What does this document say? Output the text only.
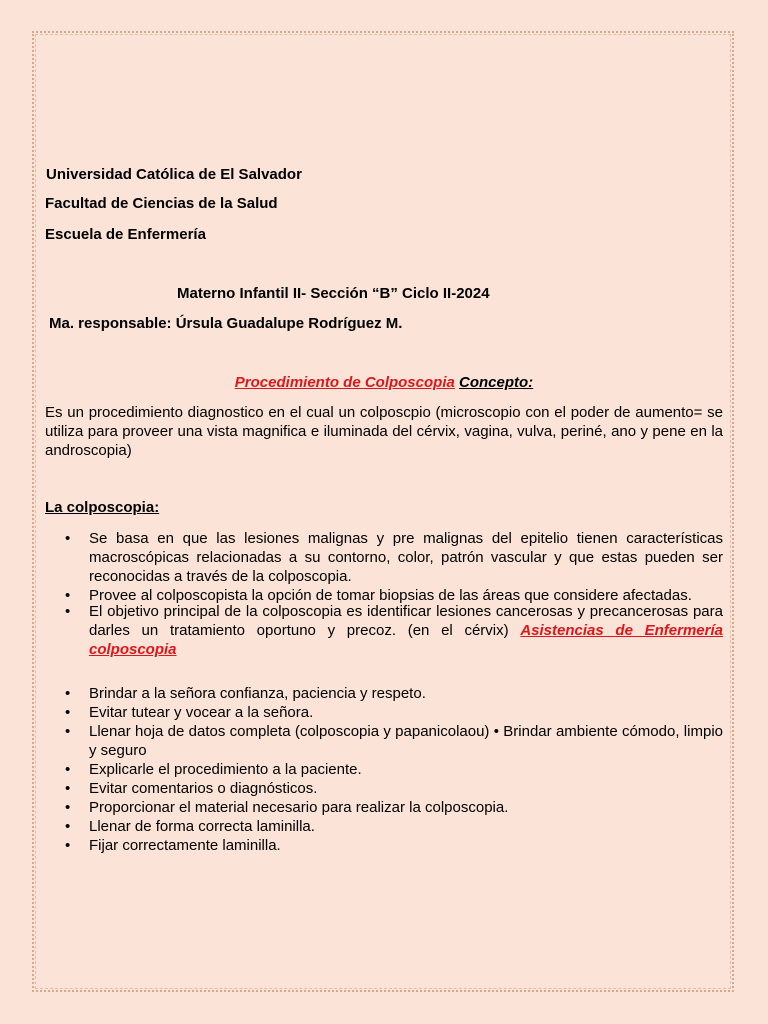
Universidad Católica de El Salvador
Facultad de Ciencias de la Salud
Escuela de Enfermería
Materno Infantil II- Sección “B” Ciclo II-2024
Ma. responsable: Úrsula Guadalupe Rodríguez M.
Procedimiento de Colposcopia Concepto:
Es un procedimiento diagnostico en el cual un colposcpio (microscopio con el poder de aumento= se utiliza para proveer una vista magnifica e iluminada del cérvix, vagina, vulva, periné, ano y pene en la androscopia)
La colposcopia:
• Se basa en que las lesiones malignas y pre malignas del epitelio tienen características macroscópicas relacionadas a su contorno, color, patrón vascular y que estas pueden ser reconocidas a través de la colposcopia.
• Provee al colposcopista la opción de tomar biopsias de las áreas que considere afectadas.
• El objetivo principal de la colposcopia es identificar lesiones cancerosas y precancerosas para darles un tratamiento oportuno y precoz. (en el cérvix) Asistencias de Enfermería colposcopia
• Brindar a la señora confianza, paciencia y respeto.
• Evitar tutear y vocear a la señora.
• Llenar hoja de datos completa (colposcopia y papanicolaou) • Brindar ambiente cómodo, limpio y seguro
• Explicarle el procedimiento a la paciente.
• Evitar comentarios o diagnósticos.
• Proporcionar el material necesario para realizar la colposcopia.
• Llenar de forma correcta laminilla.
• Fijar correctamente laminilla.
